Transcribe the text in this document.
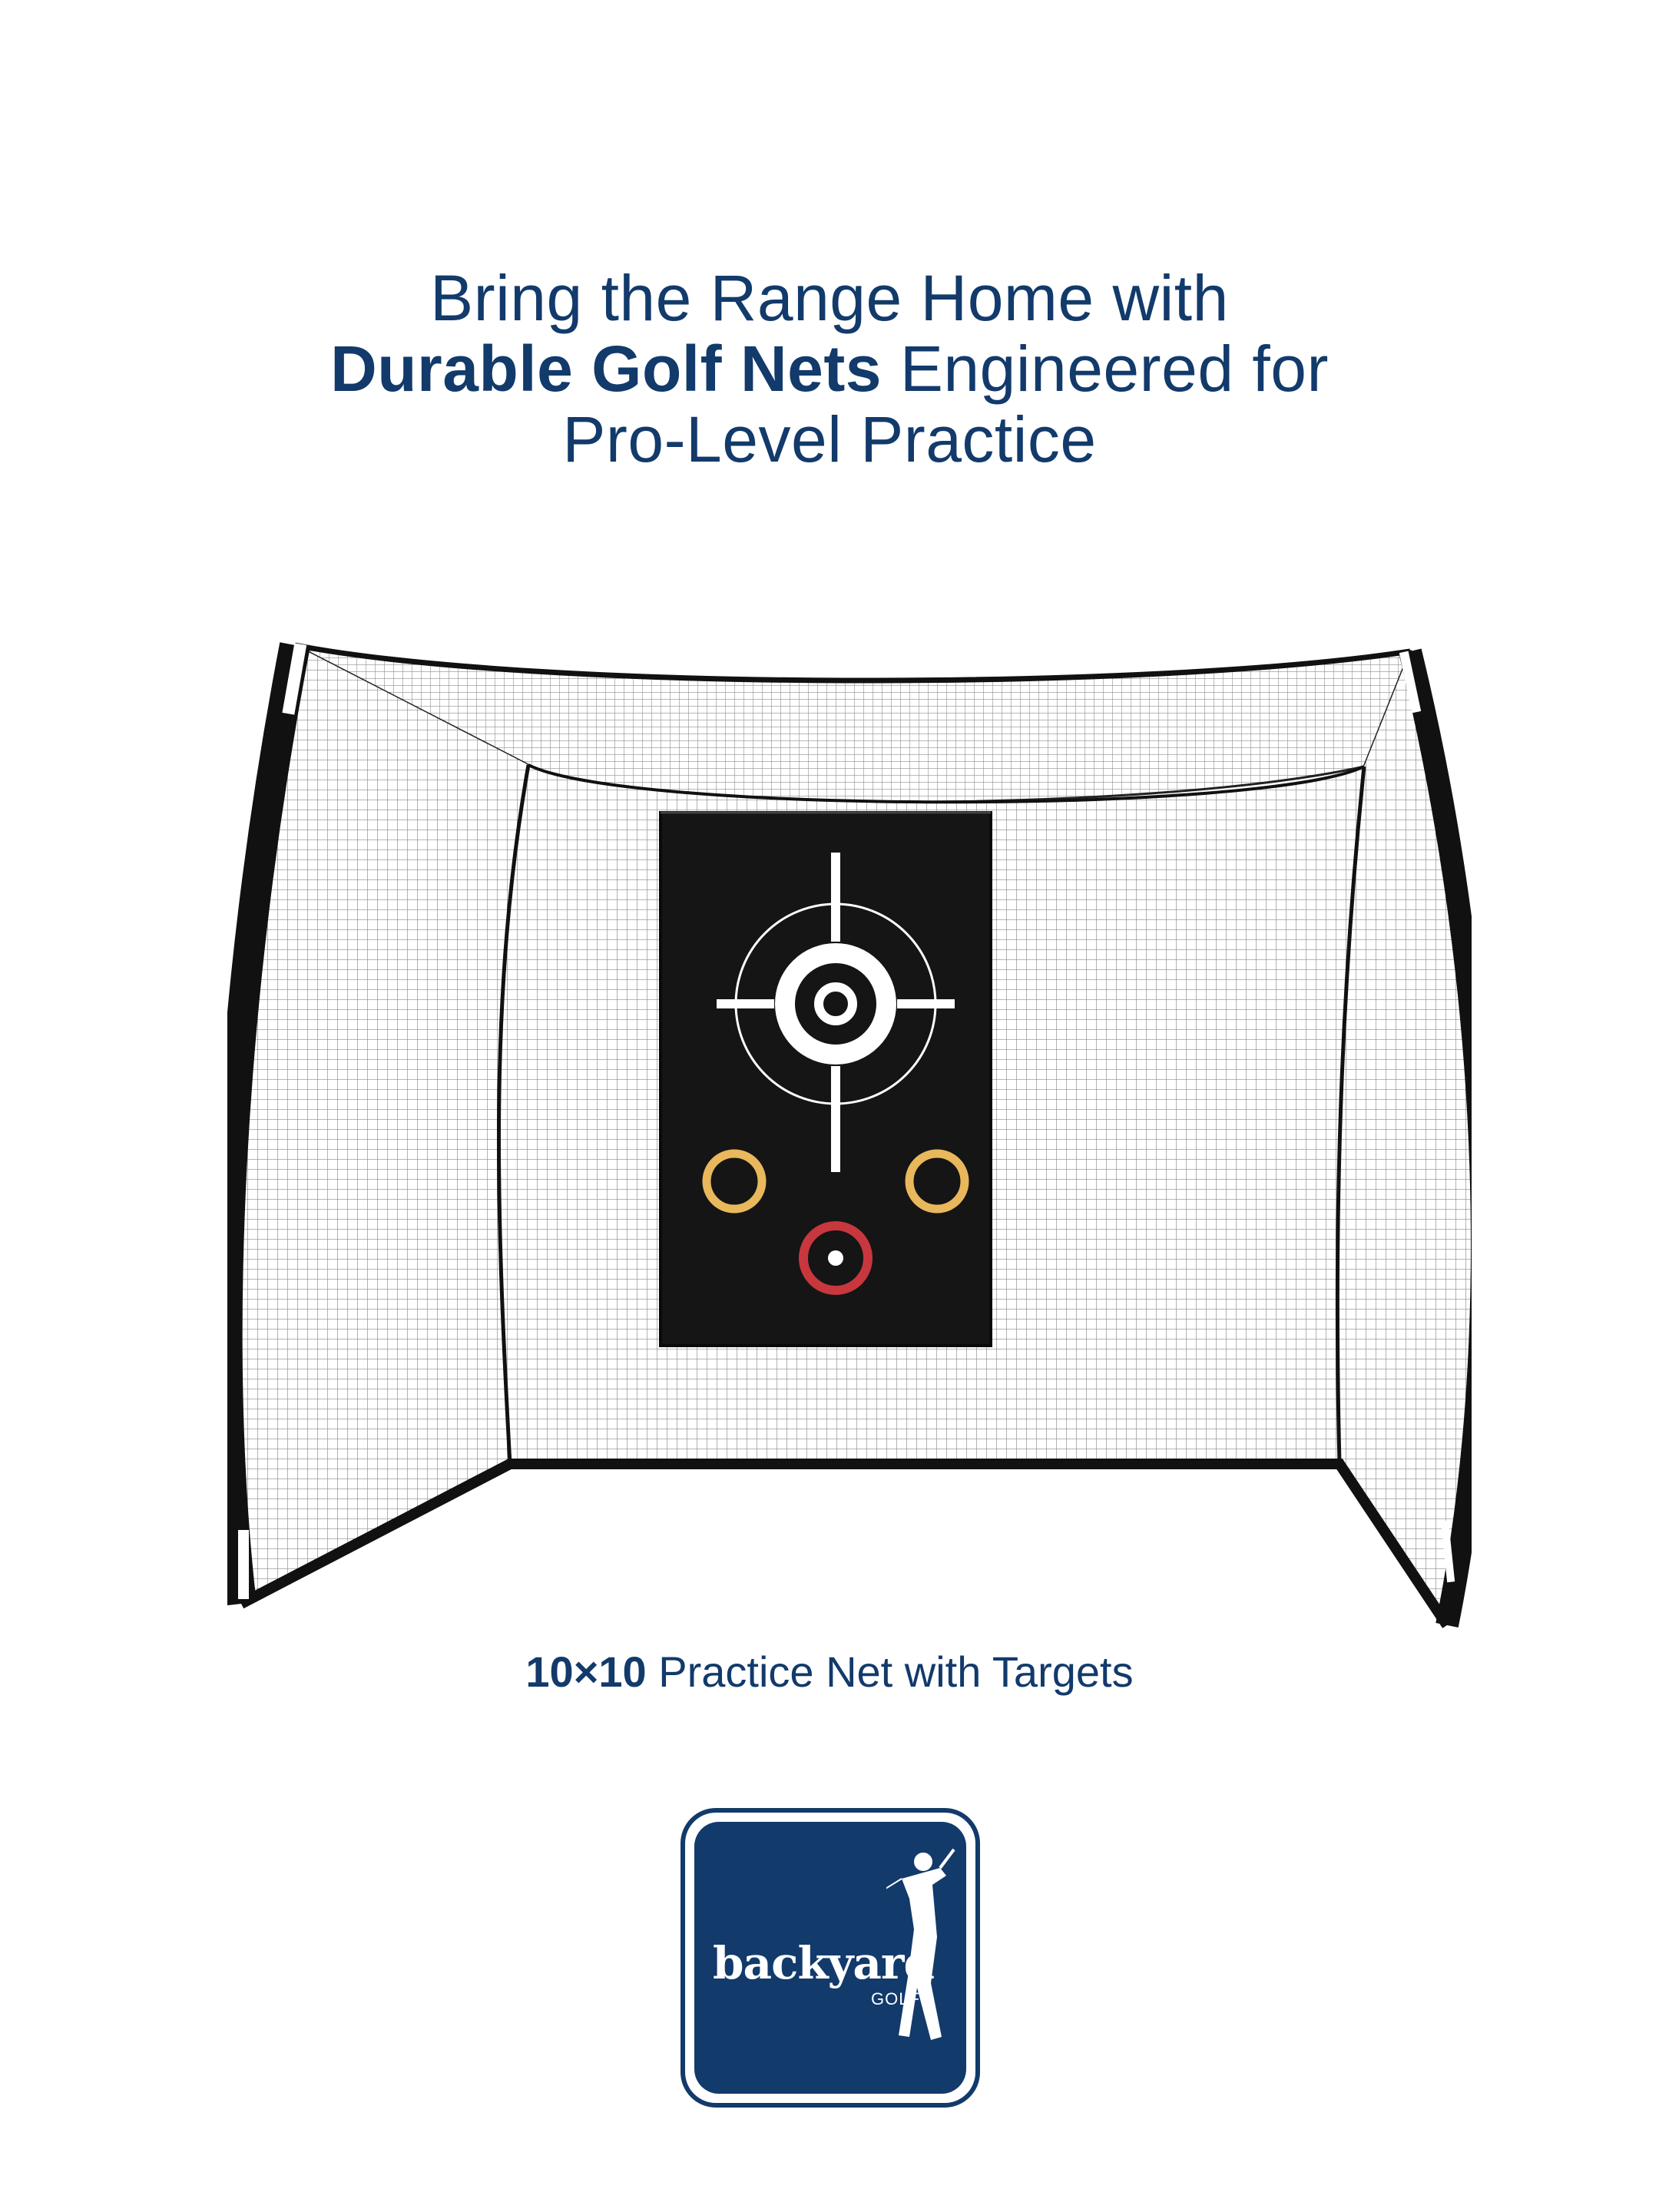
Bring the Range Home with
Durable Golf Nets Engineered for
Pro-Level Practice
10×10 Practice Net with Targets
backyard
GOLF
